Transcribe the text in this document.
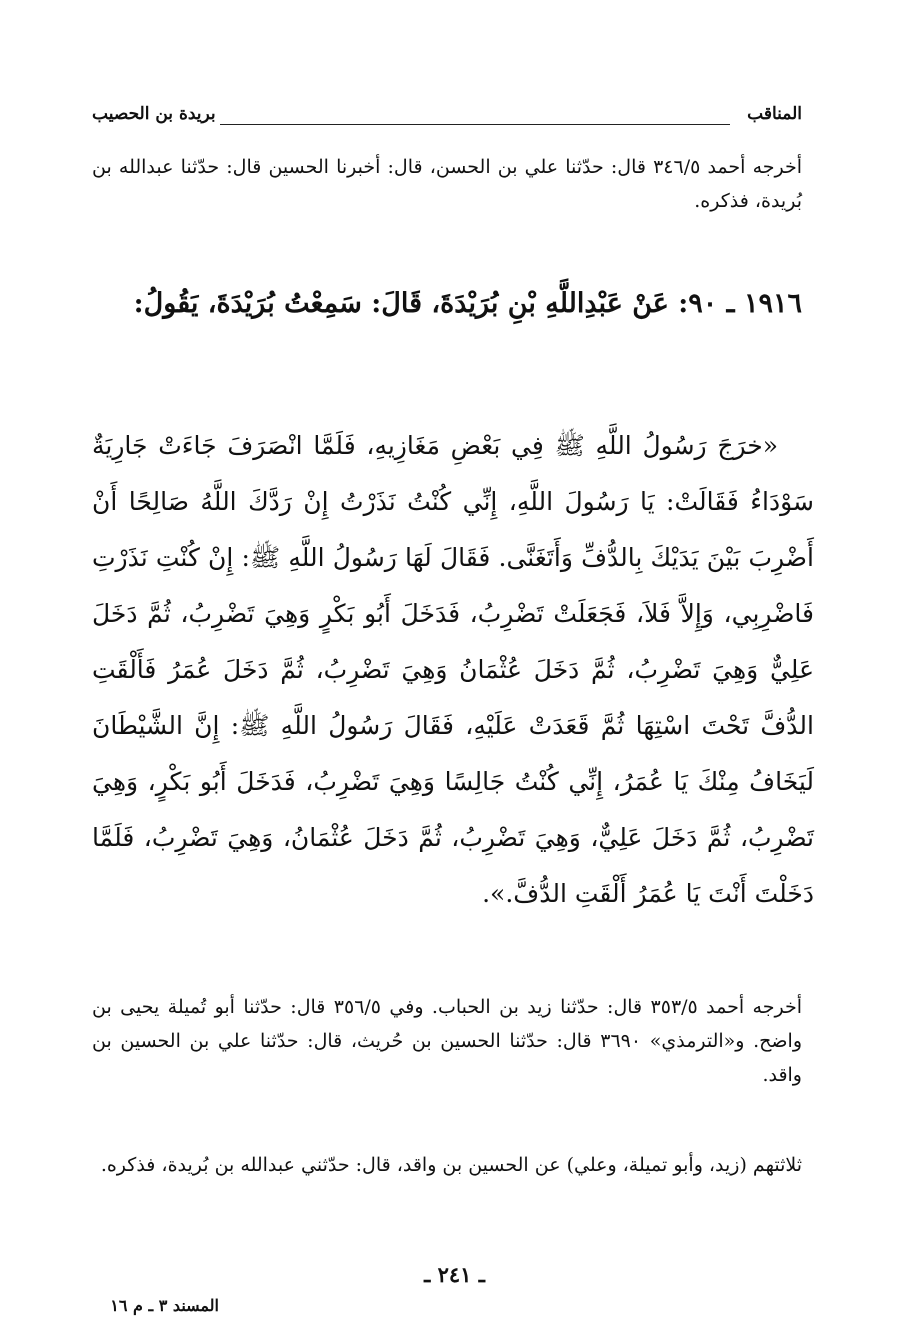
المناقب
بريدة بن الحصيب
أخرجه أحمد ٣٤٦/٥ قال: حدّثنا علي بن الحسن، قال: أخبرنا الحسين قال: حدّثنا عبدالله بن بُريدة، فذكره.
١٩١٦ ـ ٩٠: عَنْ عَبْدِاللَّهِ بْنِ بُرَيْدَةَ، قَالَ: سَمِعْتُ بُرَيْدَةَ، يَقُولُ:

«خرَجَ رَسُولُ اللَّهِ ﷺ فِي بَعْضِ مَغَازِيهِ، فَلَمَّا انْصَرَفَ جَاءَتْ جَارِيَةٌ سَوْدَاءُ فَقَالَتْ: يَا رَسُولَ اللَّهِ، إِنِّي كُنْتُ نَذَرْتُ إِنْ رَدَّكَ اللَّهُ صَالِحًا أَنْ أَضْرِبَ بَيْنَ يَدَيْكَ بِالدُّفِّ وَأَتَغَنَّى. فَقَالَ لَهَا رَسُولُ اللَّهِ ﷺ: إِنْ كُنْتِ نَذَرْتِ فَاضْرِبِي، وَإِلاَّ فَلاَ، فَجَعَلَتْ تَضْرِبُ، فَدَخَلَ أَبُو بَكْرٍ وَهِيَ تَضْرِبُ، ثُمَّ دَخَلَ عَلِيٌّ وَهِيَ تَضْرِبُ، ثُمَّ دَخَلَ عُثْمَانُ وَهِيَ تَضْرِبُ، ثُمَّ دَخَلَ عُمَرُ فَأَلْقَتِ الدُّفَّ تَحْتَ اسْتِهَا ثُمَّ قَعَدَتْ عَلَيْهِ، فَقَالَ رَسُولُ اللَّهِ ﷺ: إِنَّ الشَّيْطَانَ لَيَخَافُ مِنْكَ يَا عُمَرُ، إِنِّي كُنْتُ جَالِسًا وَهِيَ تَضْرِبُ، فَدَخَلَ أَبُو بَكْرٍ، وَهِيَ تَضْرِبُ، ثُمَّ دَخَلَ عَلِيٌّ، وَهِيَ تَضْرِبُ، ثُمَّ دَخَلَ عُثْمَانُ، وَهِيَ تَضْرِبُ، فَلَمَّا دَخَلْتَ أَنْتَ يَا عُمَرُ أَلْقَتِ الدُّفَّ.».

أخرجه أحمد ٣٥٣/٥ قال: حدّثنا زيد بن الحباب. وفي ٣٥٦/٥ قال: حدّثنا أبو تُميلة يحيى بن واضح. و«الترمذي» ٣٦٩٠ قال: حدّثنا الحسين بن حُريث، قال: حدّثنا علي بن الحسين بن واقد.
ثلاثتهم (زيد، وأبو تميلة، وعلي) عن الحسين بن واقد، قال: حدّثني عبدالله بن بُريدة، فذكره.
ـ ٢٤١ ـ
المسند ٣ ـ م ١٦
